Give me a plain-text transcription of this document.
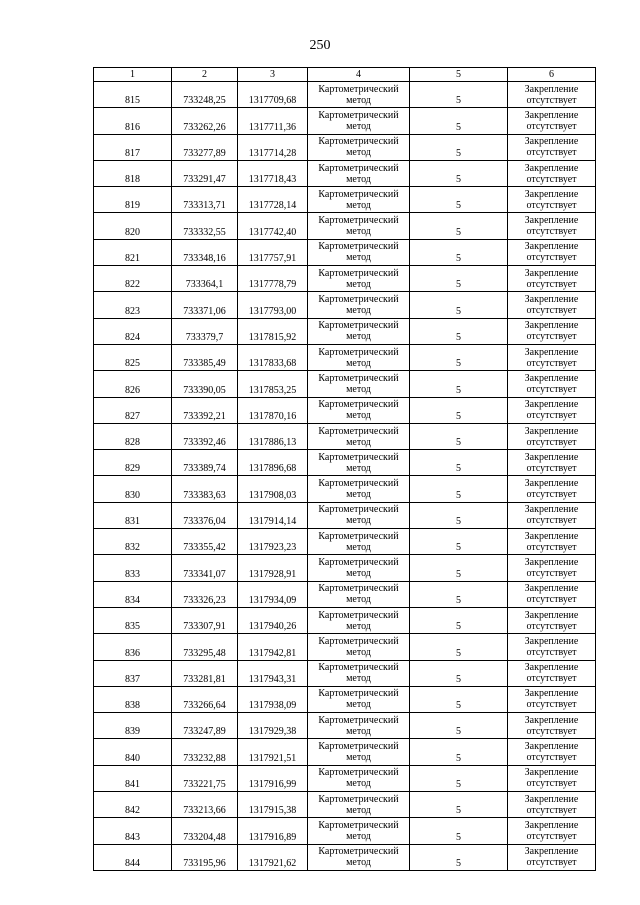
250
1	2	3	4	5	6
815	733248,25	1317709,68	Картометрический метод	5	Закрепление отсутствует
816	733262,26	1317711,36	Картометрический метод	5	Закрепление отсутствует
817	733277,89	1317714,28	Картометрический метод	5	Закрепление отсутствует
818	733291,47	1317718,43	Картометрический метод	5	Закрепление отсутствует
819	733313,71	1317728,14	Картометрический метод	5	Закрепление отсутствует
820	733332,55	1317742,40	Картометрический метод	5	Закрепление отсутствует
821	733348,16	1317757,91	Картометрический метод	5	Закрепление отсутствует
822	733364,1	1317778,79	Картометрический метод	5	Закрепление отсутствует
823	733371,06	1317793,00	Картометрический метод	5	Закрепление отсутствует
824	733379,7	1317815,92	Картометрический метод	5	Закрепление отсутствует
825	733385,49	1317833,68	Картометрический метод	5	Закрепление отсутствует
826	733390,05	1317853,25	Картометрический метод	5	Закрепление отсутствует
827	733392,21	1317870,16	Картометрический метод	5	Закрепление отсутствует
828	733392,46	1317886,13	Картометрический метод	5	Закрепление отсутствует
829	733389,74	1317896,68	Картометрический метод	5	Закрепление отсутствует
830	733383,63	1317908,03	Картометрический метод	5	Закрепление отсутствует
831	733376,04	1317914,14	Картометрический метод	5	Закрепление отсутствует
832	733355,42	1317923,23	Картометрический метод	5	Закрепление отсутствует
833	733341,07	1317928,91	Картометрический метод	5	Закрепление отсутствует
834	733326,23	1317934,09	Картометрический метод	5	Закрепление отсутствует
835	733307,91	1317940,26	Картометрический метод	5	Закрепление отсутствует
836	733295,48	1317942,81	Картометрический метод	5	Закрепление отсутствует
837	733281,81	1317943,31	Картометрический метод	5	Закрепление отсутствует
838	733266,64	1317938,09	Картометрический метод	5	Закрепление отсутствует
839	733247,89	1317929,38	Картометрический метод	5	Закрепление отсутствует
840	733232,88	1317921,51	Картометрический метод	5	Закрепление отсутствует
841	733221,75	1317916,99	Картометрический метод	5	Закрепление отсутствует
842	733213,66	1317915,38	Картометрический метод	5	Закрепление отсутствует
843	733204,48	1317916,89	Картометрический метод	5	Закрепление отсутствует
844	733195,96	1317921,62	Картометрический метод	5	Закрепление отсутствует
